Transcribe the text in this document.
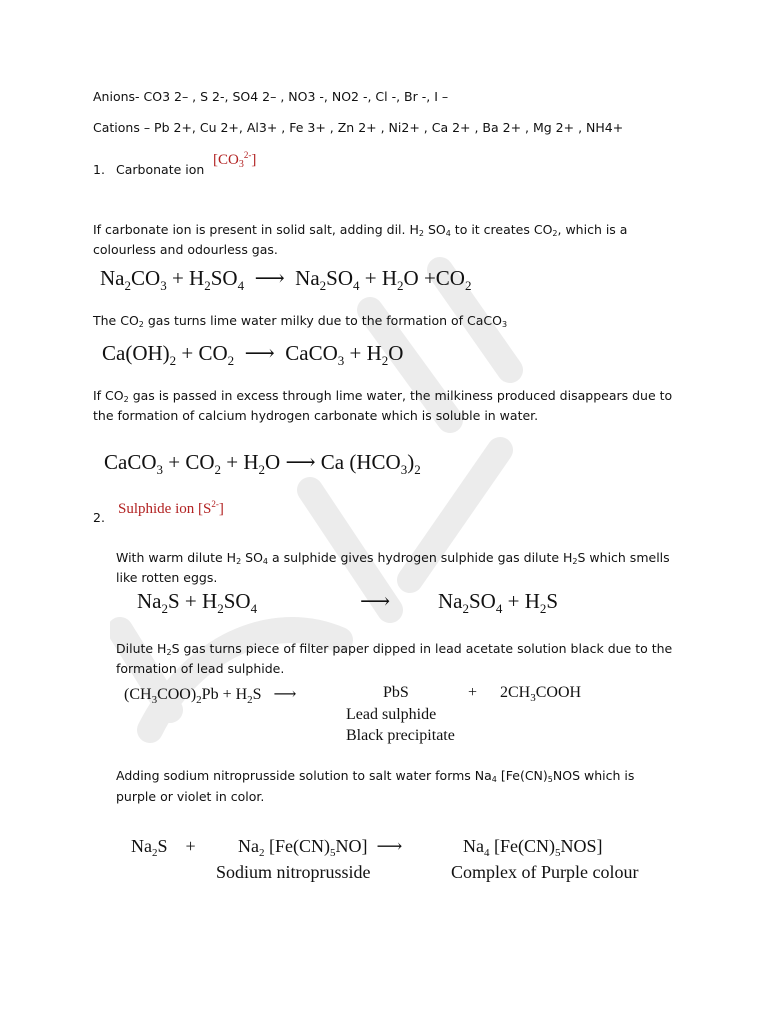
Anions- CO3 2– , S 2-, SO4 2– , NO3 -, NO2 -, Cl -, Br -, I –
Cations – Pb 2+, Cu 2+, Al3+ , Fe 3+ , Zn 2+ , Ni2+ , Ca 2+ , Ba 2+ , Mg 2+ , NH4+
1. Carbonate ion
$[CO_3^{2-}]$
If carbonate ion is present in solid salt, adding dil. $H_2$ $SO_4$ to it creates $CO_2$, which is a
colourless and odourless gas.
$Na_2CO_3 + H_2SO_4$  ⟶  $Na_2SO_4 + H_2O +CO_2$
The $CO_2$ gas turns lime water milky due to the formation of CaCO$_3$
$Ca(OH)_2 + CO_2$  ⟶  CaCO$_3$ + $H_2O$
If $CO_2$ gas is passed in excess through lime water, the milkiness produced disappears due to
the formation of calcium hydrogen carbonate which is soluble in water.
CaCO$_3$ + $CO_2 + H_2O$ ⟶ Ca $(HCO_3)_2$
Sulphide ion $[S^{2-}]$
2.
With warm dilute $H_2$ $SO_4$ a sulphide gives hydrogen sulphide gas dilute $H_2S$ which smells
like rotten eggs.
$Na_2S + H_2SO_4$	⟶ $Na_2SO_4 + H_2S$
Dilute $H_2S$ gas turns piece of filter paper dipped in lead acetate solution black due to the
formation of lead sulphide.
$(CH_3COO)_2Pb + H_2S$   ⟶	PbS	+ $2CH_3COOH$
Lead sulphide
Black precipitate
Adding sodium nitroprusside solution to salt water forms $Na_4$ [$Fe(CN)_5NOS$ which is
purple or violet in color.
$Na_2S$    + $Na_2$ $[Fe(CN)_5NO]$  ⟶	$Na_4$ $[Fe(CN)_5NOS]$
Sodium nitroprusside	Complex of Purple colour
